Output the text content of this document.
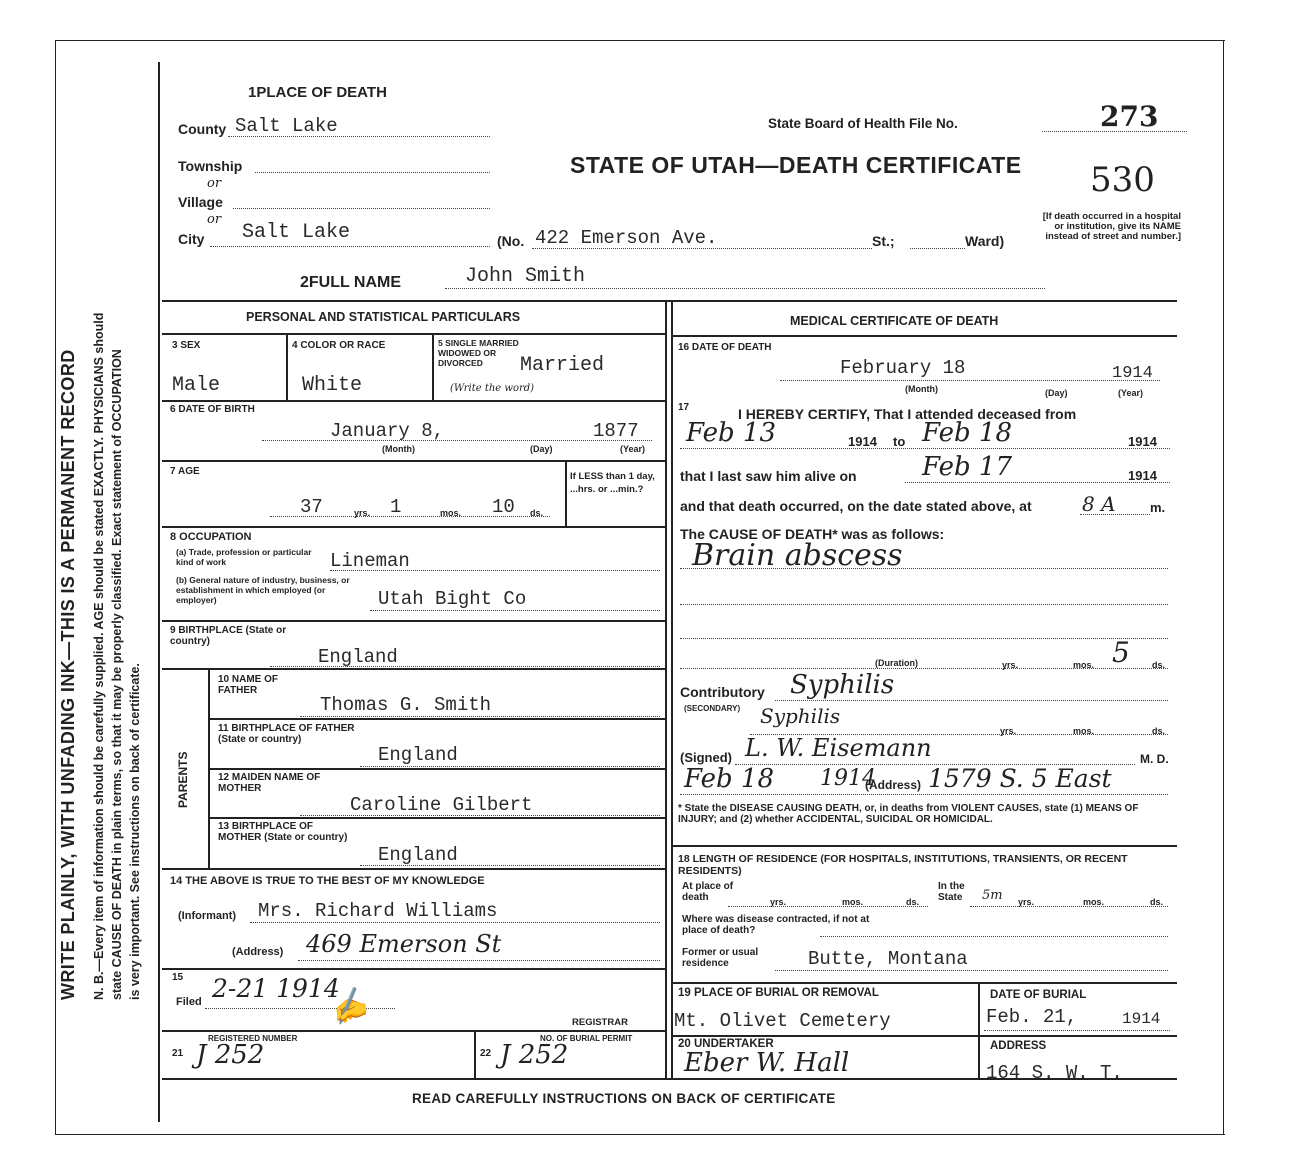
N. B.—Every item of information should be carefully supplied. AGE should be stated EXACTLY. PHYSICIANS should state CAUSE OF DEATH in plain terms, so that it may be properly classified. Exact statement of OCCUPATION is very important. See instructions on back of certificate.
WRITE PLAINLY, WITH UNFADING INK—THIS IS A PERMANENT RECORD
1PLACE OF DEATH
County Salt Lake
Township
or
Village
or
City Salt Lake	(No. 422 Emerson Ave.	St.;	Ward)
State Board of Health File No.	273
STATE OF UTAH—DEATH CERTIFICATE 530
[If death occurred in a hospital or institution, give its NAME instead of street and number.]
2FULL NAME	John Smith
PERSONAL AND STATISTICAL PARTICULARS
3 SEX
Male
4 COLOR OR RACE
White
5 SINGLE MARRIED WIDOWED OR DIVORCED
(Write the word)
Married
6 DATE OF BIRTH
January 8,	1877
(Month)	(Day)	(Year)
7 AGE
37	yrs. 1	mos. 10 ds.
If LESS than 1 day, ...hrs. or ...min.?
8 OCCUPATION
(a) Trade, profession or particular kind of work	Lineman
(b) General nature of industry, business, or establishment in which employed (or employer)	Utah Bight Co
9 BIRTHPLACE (State or country)
England
PARENTS
10 NAME OF FATHER
Thomas G. Smith
11 BIRTHPLACE OF FATHER (State or country)
England
12 MAIDEN NAME OF MOTHER
Caroline Gilbert
13 BIRTHPLACE OF MOTHER (State or country)
England
14 THE ABOVE IS TRUE TO THE BEST OF MY KNOWLEDGE
(Informant) Mrs. Richard Williams
(Address) 469 Emerson St
15
Filed 2-21 1914
✍	REGISTRAR
REGISTERED NUMBER
21 J 252
NO. OF BURIAL PERMIT
22 J 252
MEDICAL CERTIFICATE OF DEATH
16 DATE OF DEATH
February 18	1914
(Month)	(Day)	(Year)
17	I HEREBY CERTIFY, That I attended deceased from
Feb 13	1914 to Feb 18	1914
that I last saw him alive on	Feb 17	1914
and that death occurred, on the date stated above, at	8 A	m.
The CAUSE OF DEATH* was as follows:
Brain abscess
(Duration)	yrs.	mos. 5 ds.
Contributory Syphilis
(SECONDARY) Syphilis
yrs.	mos.	ds.
(Signed) L. W. Eisemann	M. D.
Feb 18 1914
(Address) 1579 S. 5 East
* State the DISEASE CAUSING DEATH, or, in deaths from VIOLENT CAUSES, state (1) MEANS OF INJURY; and (2) whether ACCIDENTAL, SUICIDAL OR HOMICIDAL.
18 LENGTH OF RESIDENCE (FOR HOSPITALS, INSTITUTIONS, TRANSIENTS, OR RECENT RESIDENTS)
At place of death	yrs.	mos.	ds.
In the State	5m yrs.	mos.	ds.
Where was disease contracted, if not at place of death?
Former or usual residence	Butte, Montana
19 PLACE OF BURIAL OR REMOVAL
Mt. Olivet Cemetery
DATE OF BURIAL
Feb. 21,	1914
20 UNDERTAKER
Eber W. Hall
ADDRESS
164 S. W. T.
READ CAREFULLY INSTRUCTIONS ON BACK OF CERTIFICATE
